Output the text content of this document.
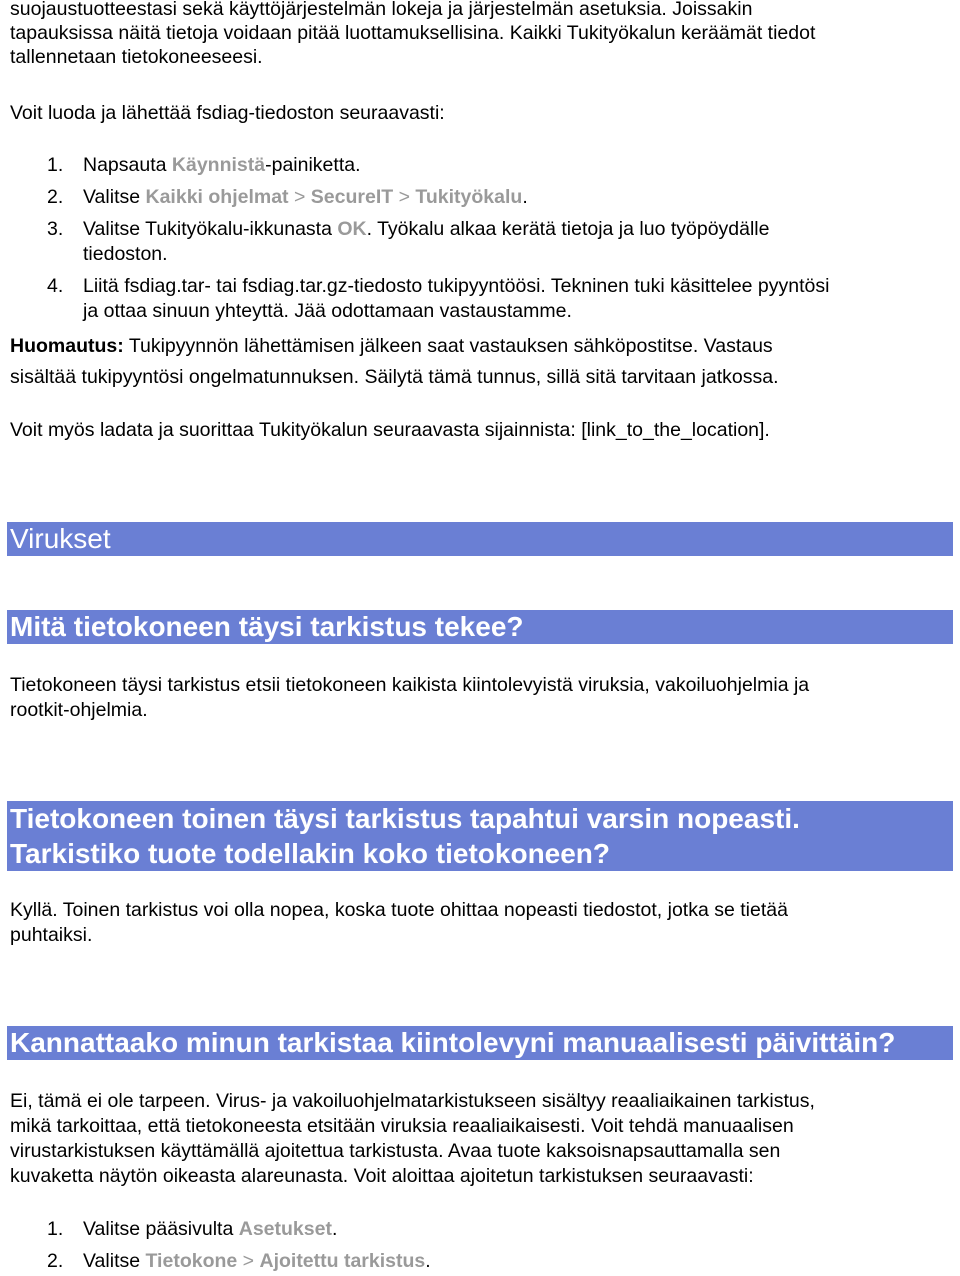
suojaustuotteestasi sekä käyttöjärjestelmän lokeja ja järjestelmän asetuksia. Joissakin

tapauksissa näitä tietoja voidaan pitää luottamuksellisina. Kaikki Tukityökalun keräämät tiedot

tallennetaan tietokoneeseesi.

Voit luoda ja lähettää fsdiag-tiedoston seuraavasti:

1. Napsauta Käynnistä-painiketta.
2. Valitse Kaikki ohjelmat > SecureIT > Tukityökalu.
3. Valitse Tukityökalu-ikkunasta OK. Työkalu alkaa kerätä tietoja ja luo työpöydälle
tiedoston.
4. Liitä fsdiag.tar- tai fsdiag.tar.gz-tiedosto tukipyyntöösi. Tekninen tuki käsittelee pyyntösi
ja ottaa sinuun yhteyttä. Jää odottamaan vastaustamme.

Huomautus: Tukipyynnön lähettämisen jälkeen saat vastauksen sähköpostitse. Vastaus

sisältää tukipyyntösi ongelmatunnuksen. Säilytä tämä tunnus, sillä sitä tarvitaan jatkossa.

Voit myös ladata ja suorittaa Tukityökalun seuraavasta sijainnista: [link_to_the_location].

Virukset
Mitä tietokoneen täysi tarkistus tekee?

Tietokoneen täysi tarkistus etsii tietokoneen kaikista kiintolevyistä viruksia, vakoiluohjelmia ja

rootkit-ohjelmia.

Tietokoneen toinen täysi tarkistus tapahtui varsin nopeasti.
Tarkistiko tuote todellakin koko tietokoneen?

Kyllä. Toinen tarkistus voi olla nopea, koska tuote ohittaa nopeasti tiedostot, jotka se tietää

puhtaiksi.

Kannattaako minun tarkistaa kiintolevyni manuaalisesti päivittäin?

Ei, tämä ei ole tarpeen. Virus- ja vakoiluohjelmatarkistukseen sisältyy reaaliaikainen tarkistus,

mikä tarkoittaa, että tietokoneesta etsitään viruksia reaaliaikaisesti. Voit tehdä manuaalisen

virustarkistuksen käyttämällä ajoitettua tarkistusta. Avaa tuote kaksoisnapsauttamalla sen

kuvaketta näytön oikeasta alareunasta. Voit aloittaa ajoitetun tarkistuksen seuraavasti:

1. Valitse pääsivulta Asetukset.
2. Valitse Tietokone > Ajoitettu tarkistus.
